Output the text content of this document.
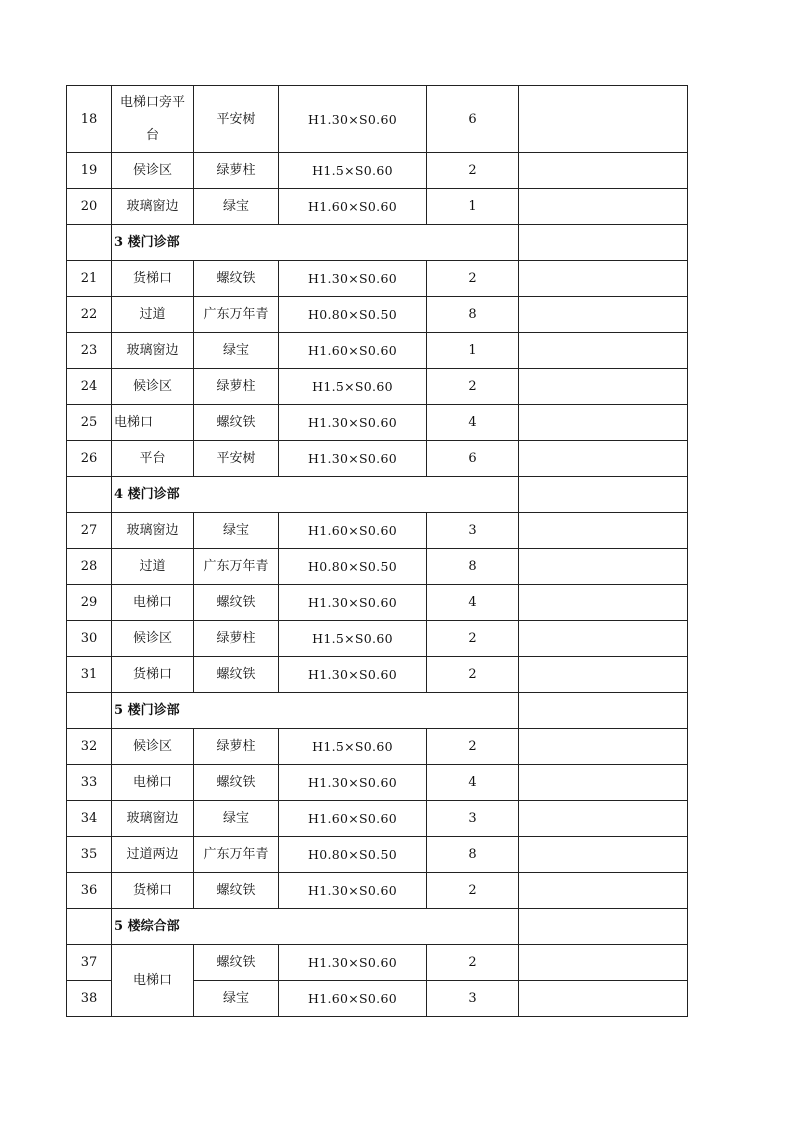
18	电梯口旁平台	平安树	H1.30×S0.60	6	
19	侯诊区	绿萝柱	H1.5×S0.60	2	
20	玻璃窗边	绿宝	H1.60×S0.60	1	
	3 楼门诊部				
21	货梯口	螺纹铁	H1.30×S0.60	2	
22	过道	广东万年青	H0.80×S0.50	8	
23	玻璃窗边	绿宝	H1.60×S0.60	1	
24	候诊区	绿萝柱	H1.5×S0.60	2	
25	电梯口	螺纹铁	H1.30×S0.60	4	
26	平台	平安树	H1.30×S0.60	6	
	4 楼门诊部				
27	玻璃窗边	绿宝	H1.60×S0.60	3	
28	过道	广东万年青	H0.80×S0.50	8	
29	电梯口	螺纹铁	H1.30×S0.60	4	
30	候诊区	绿萝柱	H1.5×S0.60	2	
31	货梯口	螺纹铁	H1.30×S0.60	2	
	5 楼门诊部				
32	候诊区	绿萝柱	H1.5×S0.60	2	
33	电梯口	螺纹铁	H1.30×S0.60	4	
34	玻璃窗边	绿宝	H1.60×S0.60	3	
35	过道两边	广东万年青	H0.80×S0.50	8	
36	货梯口	螺纹铁	H1.30×S0.60	2	
	5 楼综合部				
37	电梯口	螺纹铁	H1.30×S0.60	2	
38		绿宝	H1.60×S0.60	3	
